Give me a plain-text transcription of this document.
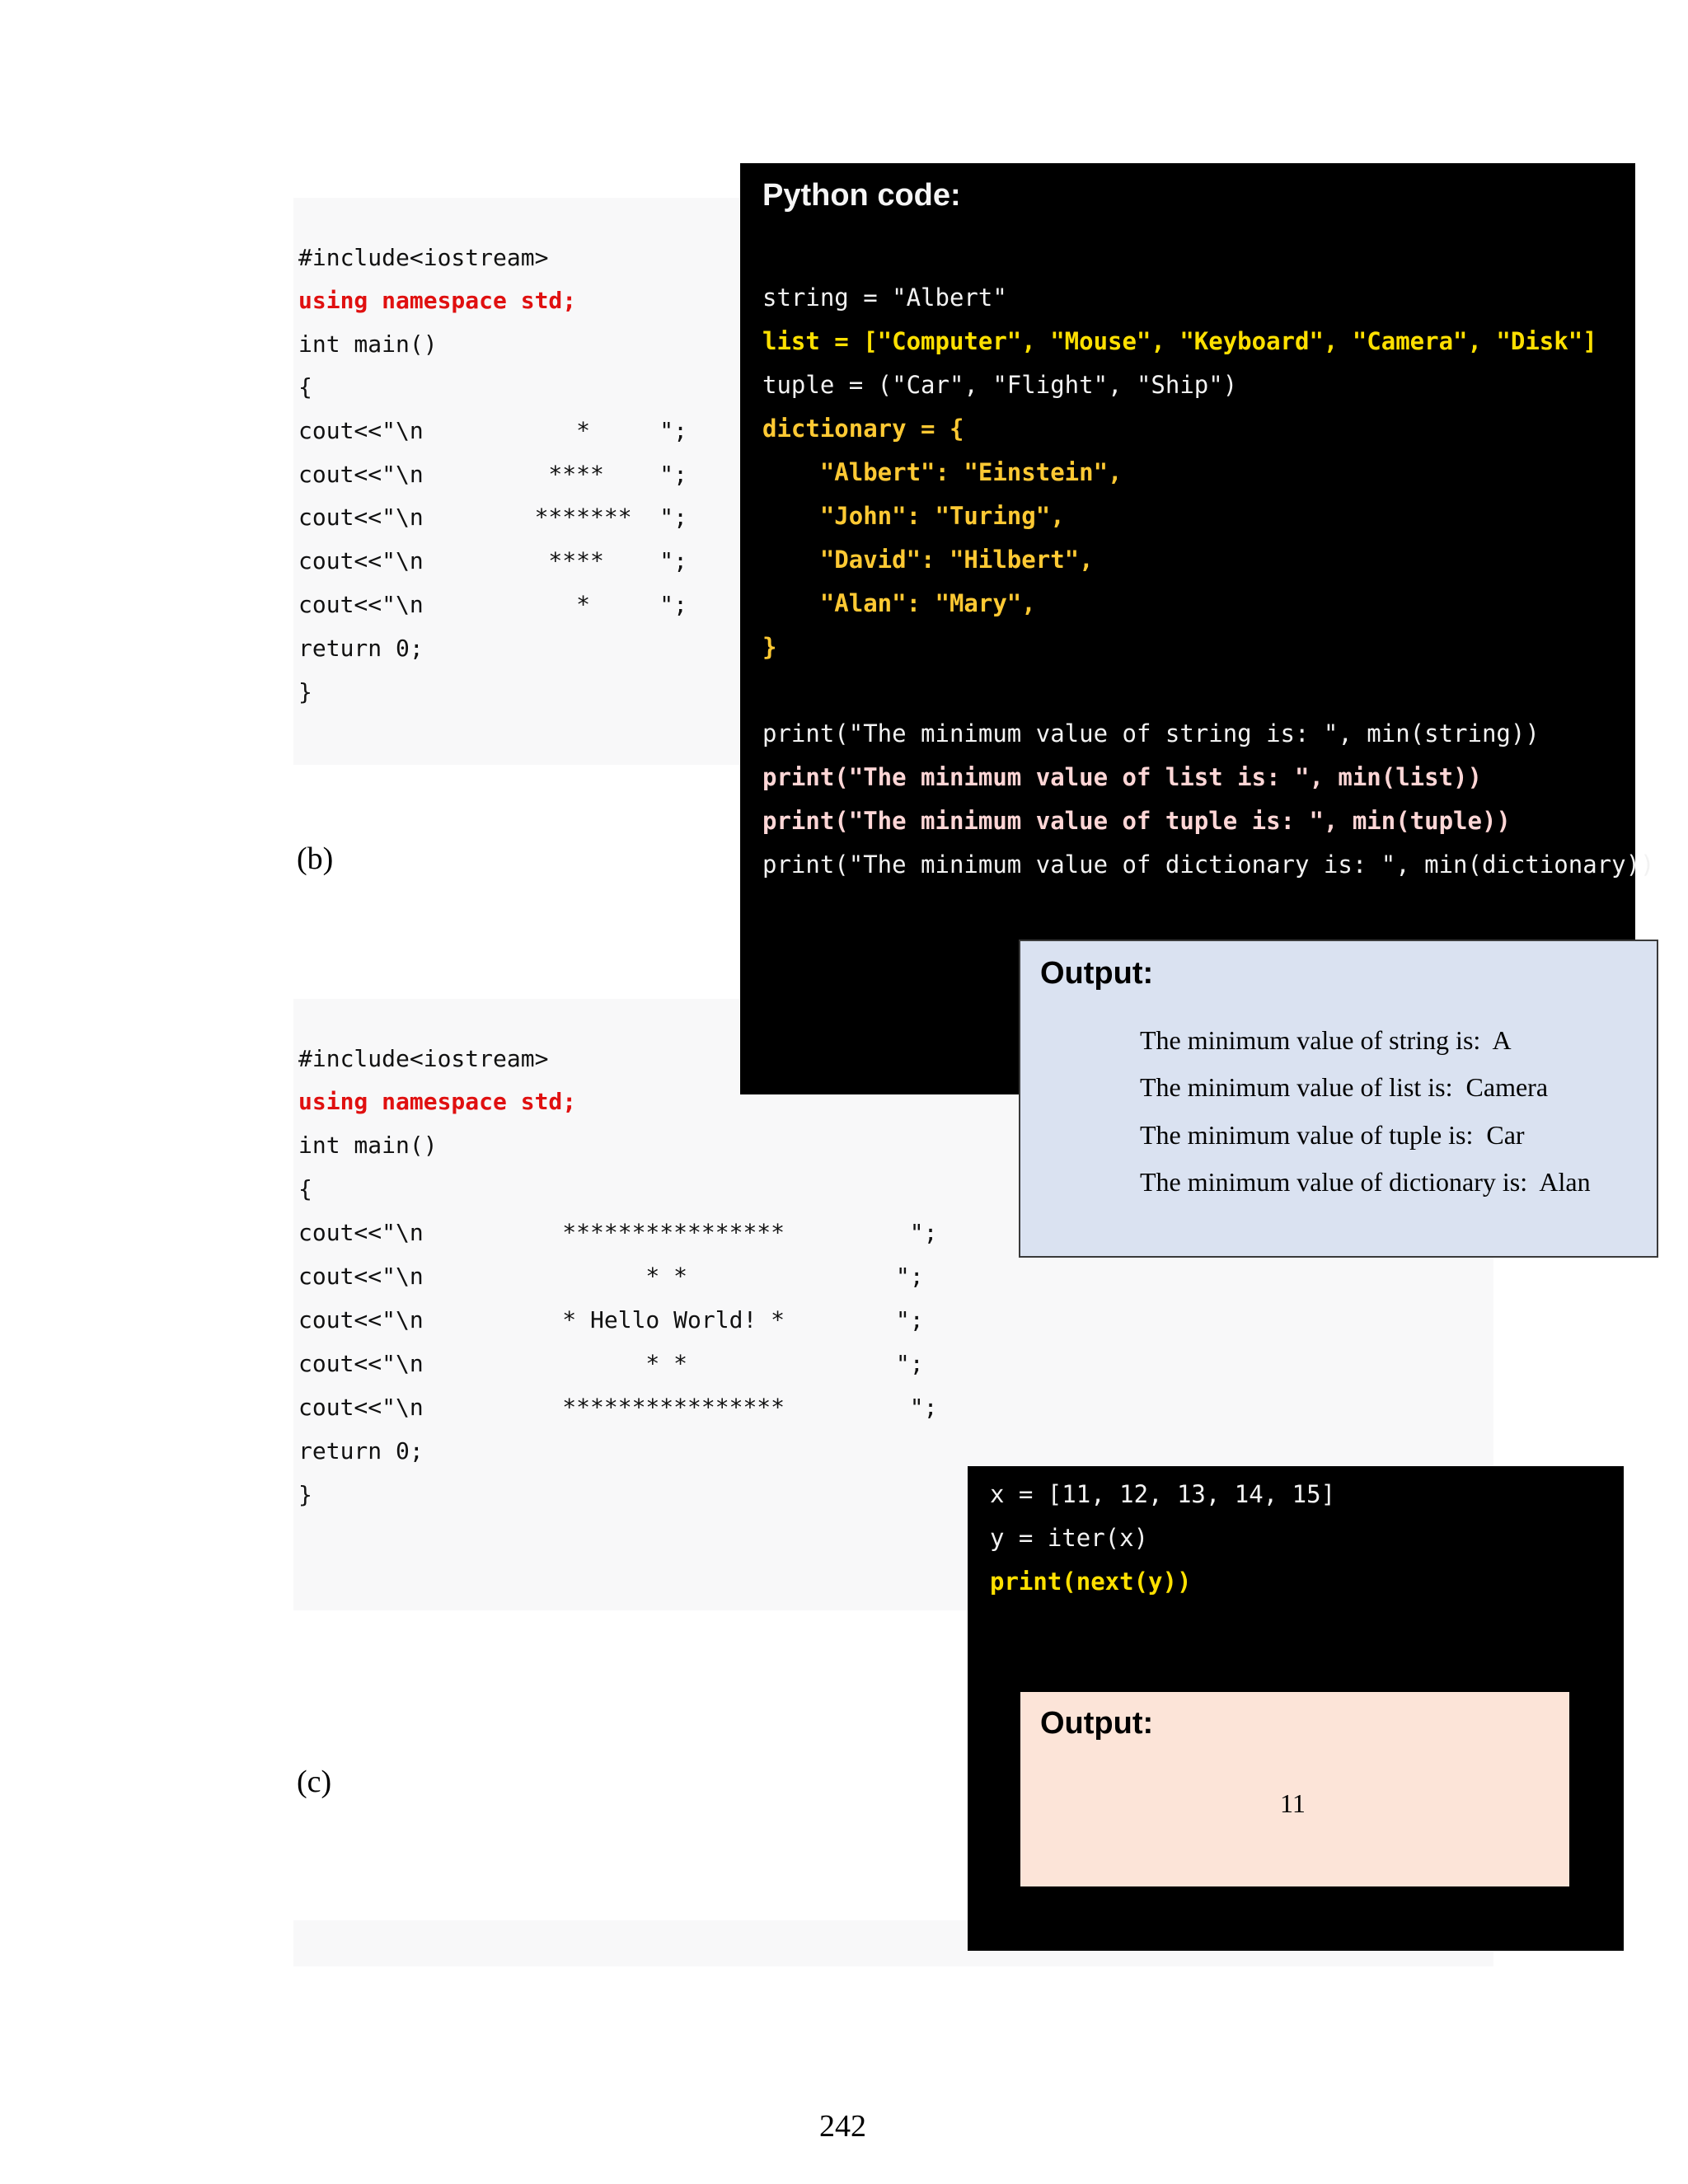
#include<iostream>
using namespace std;
int main()
{
cout<<"\n           *     ";
cout<<"\n         ****    ";
cout<<"\n        *******  ";
cout<<"\n         ****    ";
cout<<"\n           *     ";
return 0;
}
(b)
#include<iostream>
using namespace std;
int main()
{
cout<<"\n          ****************         ";
cout<<"\n                * *               ";
cout<<"\n          * Hello World! *        ";
cout<<"\n                * *               ";
cout<<"\n          ****************         ";
return 0;
}
(c)
Python code:
string = "Albert"
list = ["Computer", "Mouse", "Keyboard", "Camera", "Disk"]
tuple = ("Car", "Flight", "Ship")
dictionary = {
"Albert": "Einstein",
"John": "Turing",
"David": "Hilbert",
"Alan": "Mary",
}
print("The minimum value of string is: ", min(string))
print("The minimum value of list is: ", min(list))
print("The minimum value of tuple is: ", min(tuple))
print("The minimum value of dictionary is: ", min(dictionary))
Output:
The minimum value of string is:  A
The minimum value of list is:  Camera
The minimum value of tuple is:  Car
The minimum value of dictionary is:  Alan
x = [11, 12, 13, 14, 15]
y = iter(x)
print(next(y))
Output:
11
242
